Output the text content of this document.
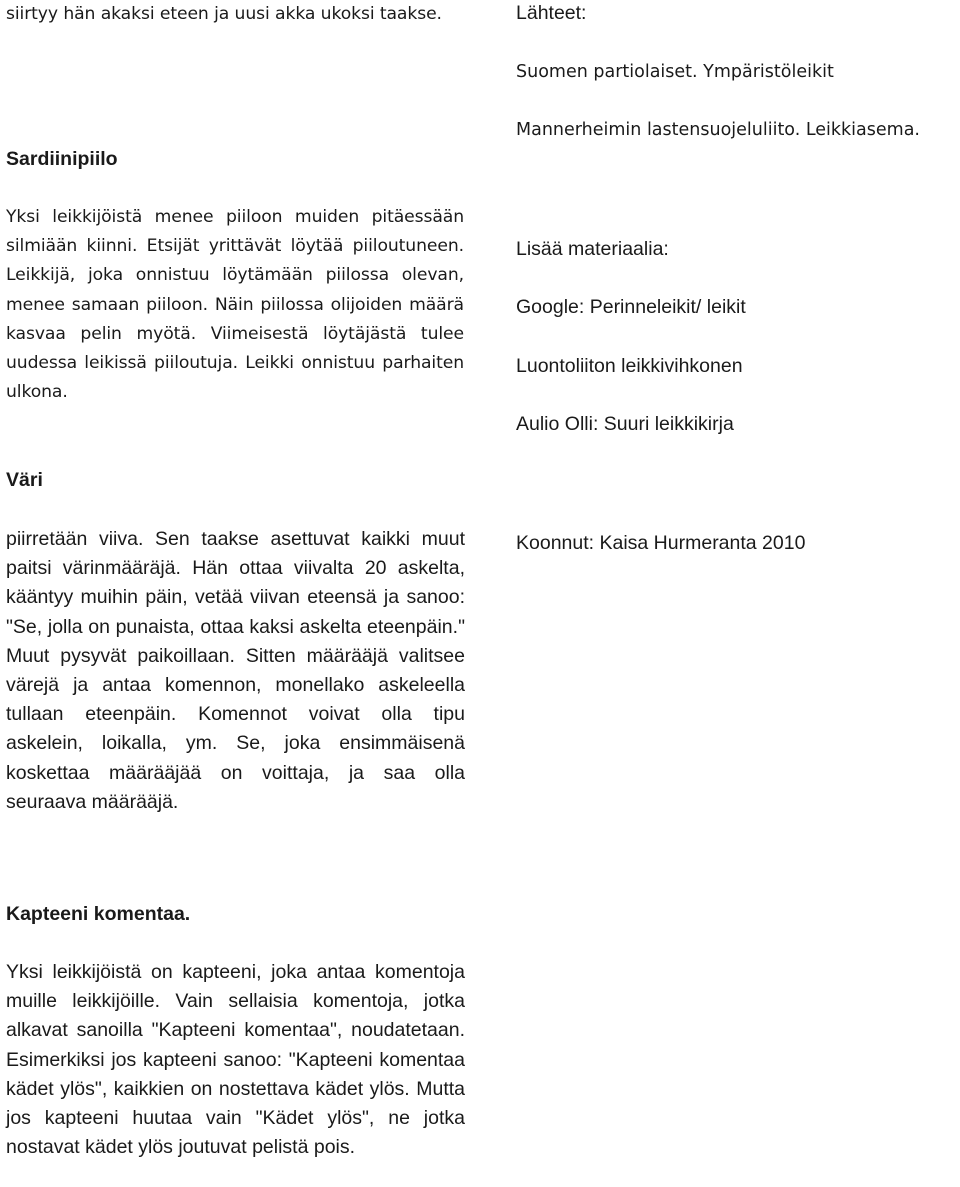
siirtyy hän akaksi eteen ja uusi akka ukoksi taakse.

Sardiinipiilo

Yksi leikkijöistä menee piiloon muiden pitäessään silmiään kiinni. Etsijät yrittävät löytää piiloutuneen. Leikkijä, joka onnistuu löytämään piilossa olevan, menee samaan piiloon. Näin piilossa olijoiden määrä kasvaa pelin myötä. Viimeisestä löytäjästä tulee uudessa leikissä piiloutuja. Leikki onnistuu parhaiten ulkona.

Väri

piirretään viiva. Sen taakse asettuvat kaikki muut paitsi värinmääräjä. Hän ottaa viivalta 20 askelta, kääntyy muihin päin, vetää viivan eteensä ja sanoo: "Se, jolla on punaista, ottaa kaksi askelta eteenpäin." Muut pysyvät paikoillaan. Sitten määrääjä valitsee värejä ja antaa komennon, monellako askeleella tullaan eteenpäin. Komennot voivat olla tipu askelein, loikalla, ym. Se, joka ensimmäisenä koskettaa määrääjää on voittaja, ja saa olla seuraava määrääjä.

Kapteeni komentaa.

Yksi leikkijöistä on kapteeni, joka antaa komentoja muille leikkijöille. Vain sellaisia komentoja, jotka alkavat sanoilla "Kapteeni komentaa", noudatetaan. Esimerkiksi jos kapteeni sanoo: "Kapteeni komentaa kädet ylös", kaikkien on nostettava kädet ylös. Mutta jos kapteeni huutaa vain "Kädet ylös", ne jotka nostavat kädet ylös joutuvat pelistä pois.

Lähteet:
Suomen partiolaiset. Ympäristöleikit
Mannerheimin lastensuojeluliito. Leikkiasema.
Lisää materiaalia:
Google: Perinneleikit/ leikit
Luontoliiton leikkivihkonen
Aulio Olli: Suuri leikkikirja
Koonnut: Kaisa Hurmeranta 2010
